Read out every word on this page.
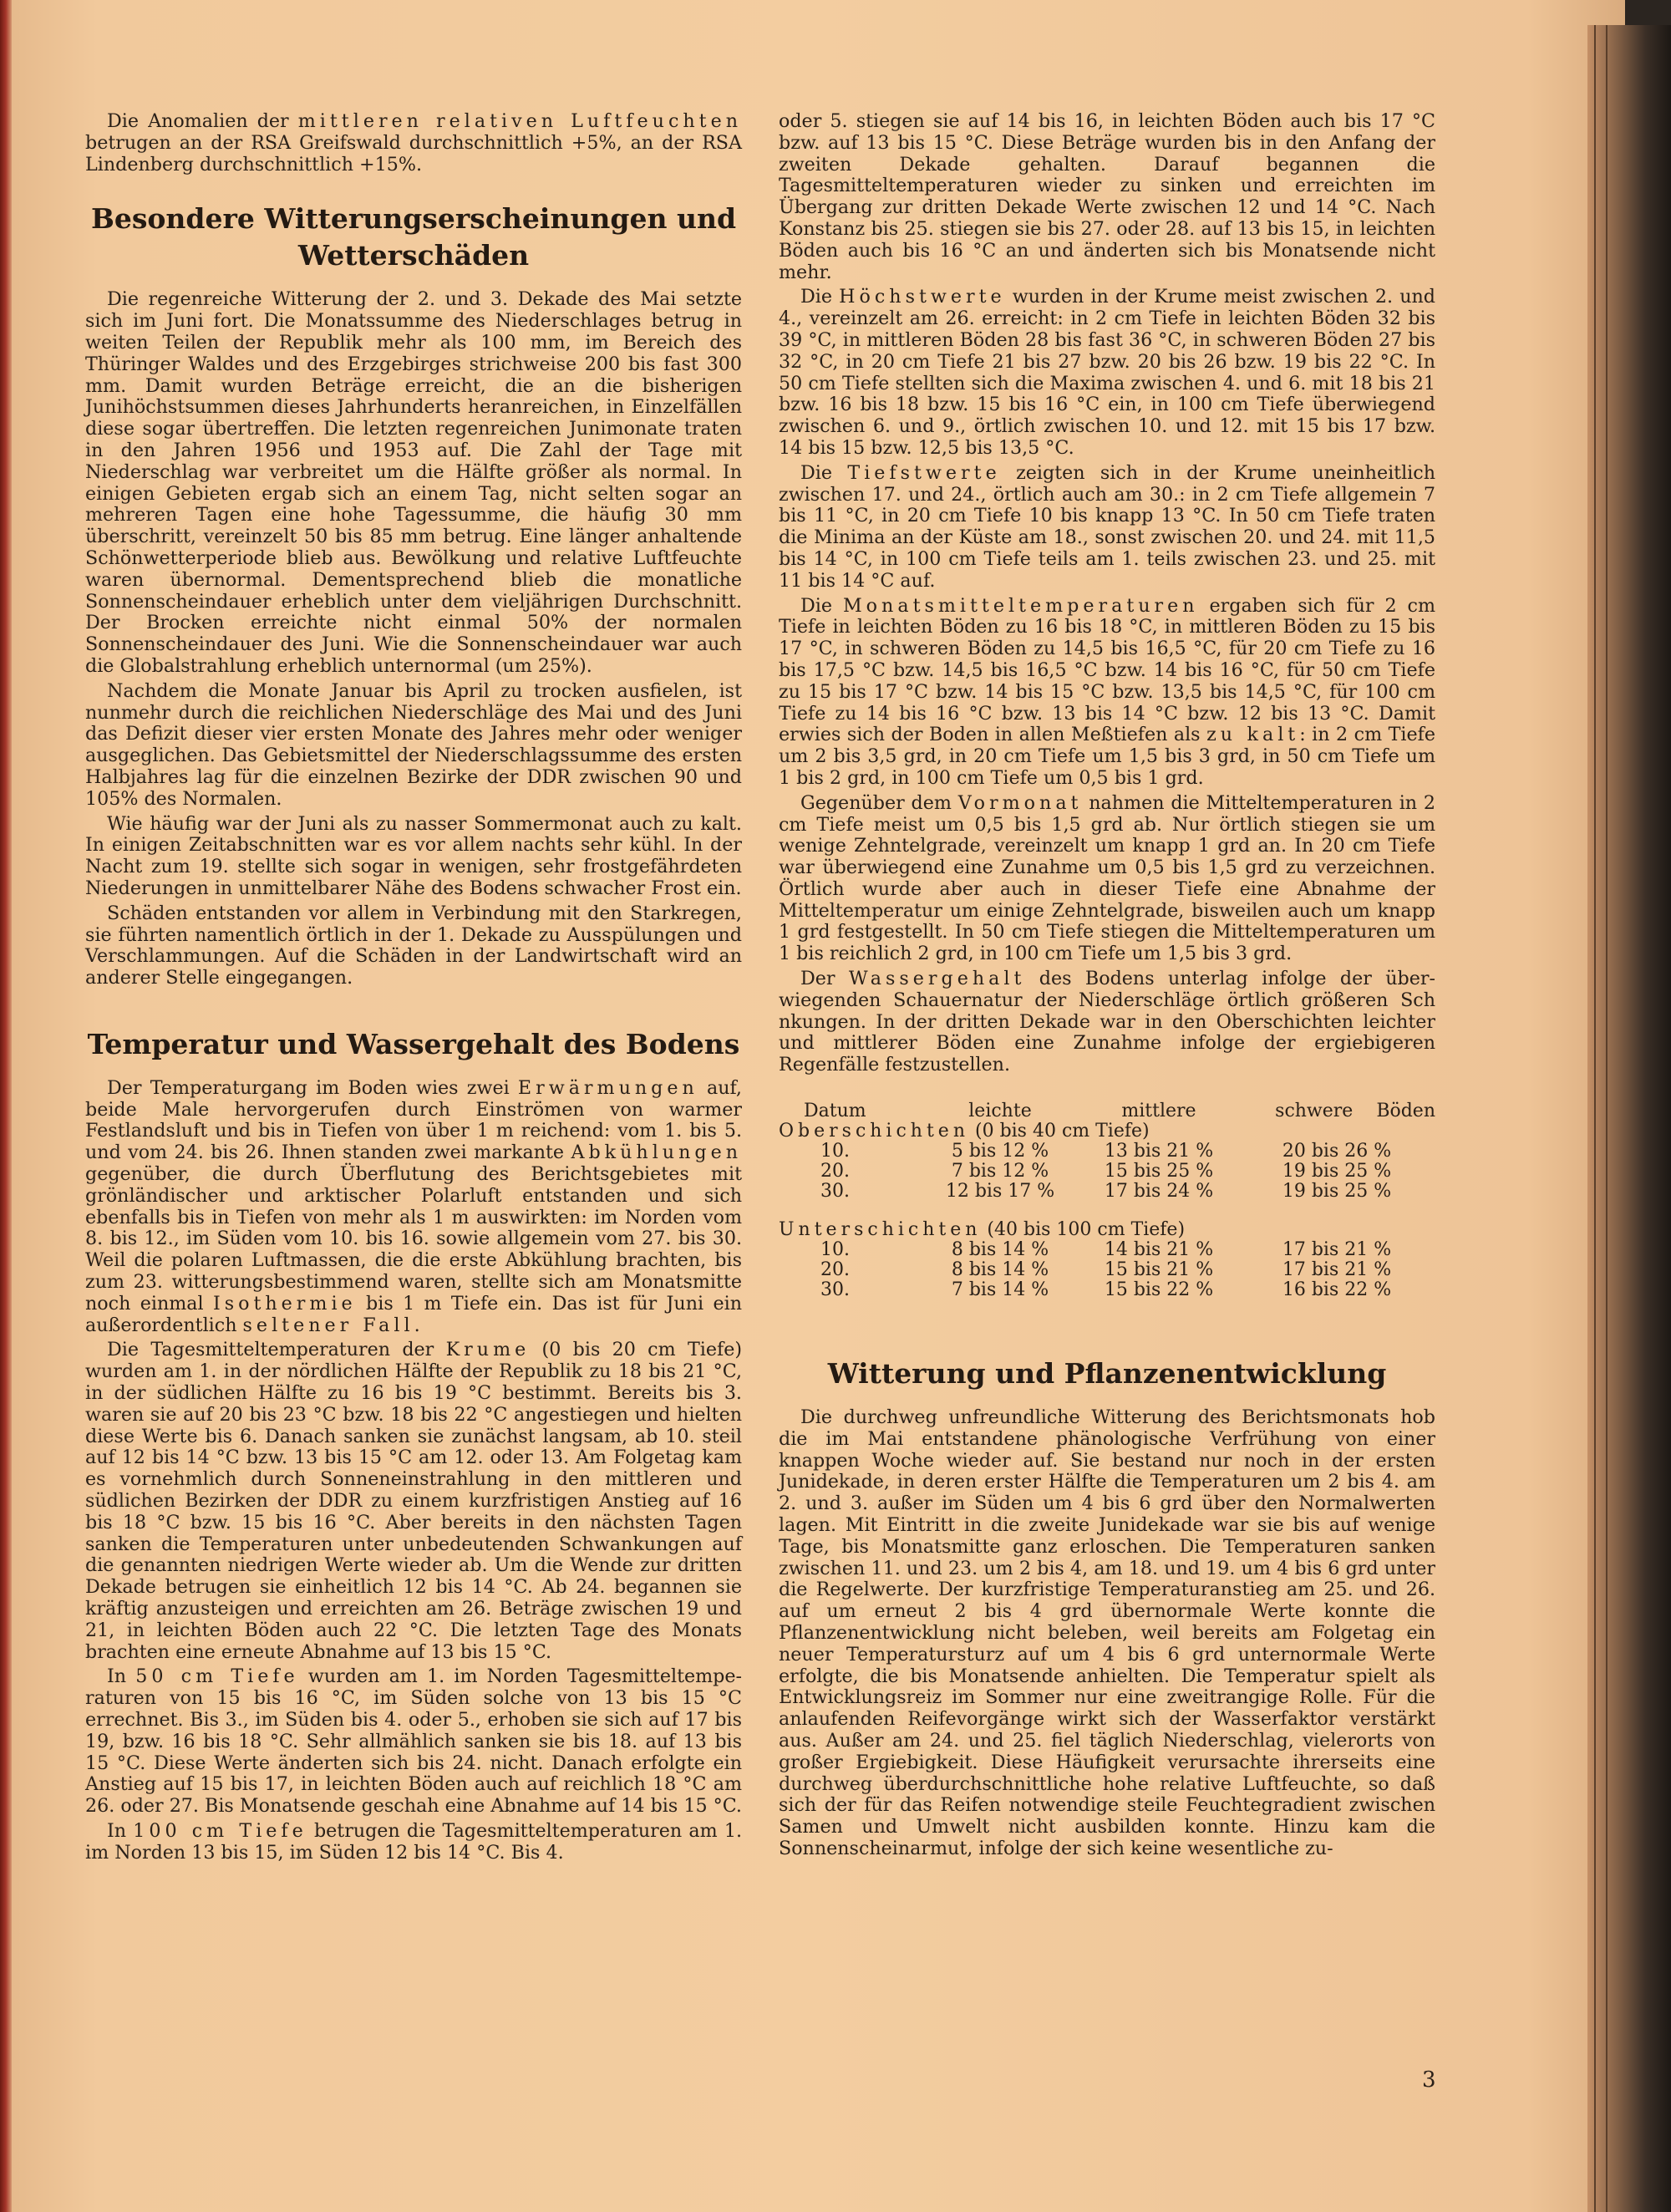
Die Anomalien der mittleren relativen Luftfeuchten betrugen an der RSA Greifswald durchschnittlich +5%, an der RSA Lindenberg durchschnittlich +15%.

Besondere Witterungserscheinungen und Wetterschäden

Die regenreiche Witterung der 2. und 3. Dekade des Mai setzte sich im Juni fort. Die Monatssumme des Niederschlages betrug in weiten Teilen der Republik mehr als 100 mm, im Bereich des Thüringer Waldes und des Erzgebirges strichweise 200 bis fast 300 mm. Damit wurden Beträge erreicht, die an die bisherigen Junihöchstsummen dieses Jahrhunderts heranreichen, in Einzelfällen diese sogar übertreffen. Die letzten regenreichen Junimonate traten in den Jahren 1956 und 1953 auf. Die Zahl der Tage mit Niederschlag war verbreitet um die Hälfte größer als normal. In einigen Gebieten ergab sich an einem Tag, nicht selten sogar an mehreren Tagen eine hohe Tagessumme, die häufig 30 mm überschritt, vereinzelt 50 bis 85 mm betrug. Eine länger anhaltende Schönwetterperiode blieb aus. Bewölkung und relative Luftfeuchte waren übernormal. Dementsprechend blieb die monatliche Sonnenscheindauer erheblich unter dem vieljährigen Durchschnitt. Der Brocken erreichte nicht einmal 50% der normalen Sonnenscheindauer des Juni. Wie die Sonnenscheindauer war auch die Globalstrahlung erheblich unternormal (um 25%).

Nachdem die Monate Januar bis April zu trocken ausfielen, ist nunmehr durch die reichlichen Niederschläge des Mai und des Juni das Defizit dieser vier ersten Monate des Jahres mehr oder weniger ausgeglichen. Das Gebietsmittel der Niederschlagssumme des ersten Halbjahres lag für die einzelnen Bezirke der DDR zwischen 90 und 105% des Normalen.

Wie häufig war der Juni als zu nasser Sommermonat auch zu kalt. In einigen Zeitabschnitten war es vor allem nachts sehr kühl. In der Nacht zum 19. stellte sich sogar in wenigen, sehr frostgefährdeten Niederungen in unmittelbarer Nähe des Bodens schwacher Frost ein.

Schäden entstanden vor allem in Verbindung mit den Starkregen, sie führten namentlich örtlich in der 1. Dekade zu Ausspülungen und Verschlammungen. Auf die Schäden in der Landwirtschaft wird an anderer Stelle eingegangen.

Temperatur und Wassergehalt des Bodens

Der Temperaturgang im Boden wies zwei Erwärmungen auf, beide Male hervorgerufen durch Einströmen von warmer Festlandsluft und bis in Tiefen von über 1 m reichend: vom 1. bis 5. und vom 24. bis 26. Ihnen standen zwei markante Abkühlungen gegenüber, die durch Überflutung des Berichtsgebietes mit grönländischer und arktischer Polarluft entstanden und sich ebenfalls bis in Tiefen von mehr als 1 m auswirkten: im Norden vom 8. bis 12., im Süden vom 10. bis 16. sowie allgemein vom 27. bis 30. Weil die polaren Luftmassen, die die erste Abkühlung brachten, bis zum 23. witterungsbestimmend waren, stellte sich am Monatsmitte noch einmal Isothermie bis 1 m Tiefe ein. Das ist für Juni ein außerordentlich seltener Fall.

Die Tagesmitteltemperaturen der Krume (0 bis 20 cm Tiefe) wurden am 1. in der nördlichen Hälfte der Republik zu 18 bis 21 °C, in der südlichen Hälfte zu 16 bis 19 °C bestimmt. Bereits bis 3. waren sie auf 20 bis 23 °C bzw. 18 bis 22 °C angestiegen und hielten diese Werte bis 6. Danach sanken sie zunächst langsam, ab 10. steil auf 12 bis 14 °C bzw. 13 bis 15 °C am 12. oder 13. Am Folgetag kam es vornehmlich durch Sonneneinstrahlung in den mittleren und südlichen Bezirken der DDR zu einem kurzfristigen Anstieg auf 16 bis 18 °C bzw. 15 bis 16 °C. Aber bereits in den nächsten Tagen sanken die Temperaturen unter unbedeutenden Schwankungen auf die genannten niedrigen Werte wieder ab. Um die Wende zur dritten Dekade betrugen sie einheitlich 12 bis 14 °C. Ab 24. begannen sie kräftig anzusteigen und erreichten am 26. Beträge zwischen 19 und 21, in leichten Böden auch 22 °C. Die letzten Tage des Monats brachten eine erneute Abnahme auf 13 bis 15 °C.

In 50 cm Tiefe wurden am 1. im Norden Tagesmitteltemperaturen von 15 bis 16 °C, im Süden solche von 13 bis 15 °C errechnet. Bis 3., im Süden bis 4. oder 5., erhoben sie sich auf 17 bis 19, bzw. 16 bis 18 °C. Sehr allmählich sanken sie bis 18. auf 13 bis 15 °C. Diese Werte änderten sich bis 24. nicht. Danach erfolgte ein Anstieg auf 15 bis 17, in leichten Böden auch auf reichlich 18 °C am 26. oder 27. Bis Monatsende geschah eine Abnahme auf 14 bis 15 °C.

In 100 cm Tiefe betrugen die Tagesmitteltemperaturen am 1. im Norden 13 bis 15, im Süden 12 bis 14 °C. Bis 4.

oder 5. stiegen sie auf 14 bis 16, in leichten Böden auch bis 17 °C bzw. auf 13 bis 15 °C. Diese Beträge wurden bis in den Anfang der zweiten Dekade gehalten. Darauf begannen die Tagesmitteltemperaturen wieder zu sinken und erreichten im Übergang zur dritten Dekade Werte zwischen 12 und 14 °C. Nach Konstanz bis 25. stiegen sie bis 27. oder 28. auf 13 bis 15, in leichten Böden auch bis 16 °C an und änderten sich bis Monatsende nicht mehr.

Die Höchstwerte wurden in der Krume meist zwischen 2. und 4., vereinzelt am 26. erreicht: in 2 cm Tiefe in leichten Böden 32 bis 39 °C, in mittleren Böden 28 bis fast 36 °C, in schweren Böden 27 bis 32 °C, in 20 cm Tiefe 21 bis 27 bzw. 20 bis 26 bzw. 19 bis 22 °C. In 50 cm Tiefe stellten sich die Maxima zwischen 4. und 6. mit 18 bis 21 bzw. 16 bis 18 bzw. 15 bis 16 °C ein, in 100 cm Tiefe überwiegend zwischen 6. und 9., örtlich zwischen 10. und 12. mit 15 bis 17 bzw. 14 bis 15 bzw. 12,5 bis 13,5 °C.

Die Tiefstwerte zeigten sich in der Krume uneinheitlich zwischen 17. und 24., örtlich auch am 30.: in 2 cm Tiefe allgemein 7 bis 11 °C, in 20 cm Tiefe 10 bis knapp 13 °C. In 50 cm Tiefe traten die Minima an der Küste am 18., sonst zwischen 20. und 24. mit 11,5 bis 14 °C, in 100 cm Tiefe teils am 1. teils zwischen 23. und 25. mit 11 bis 14 °C auf.

Die Monatsmitteltemperaturen ergaben sich für 2 cm Tiefe in leichten Böden zu 16 bis 18 °C, in mittleren Böden zu 15 bis 17 °C, in schweren Böden zu 14,5 bis 16,5 °C, für 20 cm Tiefe zu 16 bis 17,5 °C bzw. 14,5 bis 16,5 °C bzw. 14 bis 16 °C, für 50 cm Tiefe zu 15 bis 17 °C bzw. 14 bis 15 °C bzw. 13,5 bis 14,5 °C, für 100 cm Tiefe zu 14 bis 16 °C bzw. 13 bis 14 °C bzw. 12 bis 13 °C. Damit erwies sich der Boden in allen Meßtiefen als zu kalt: in 2 cm Tiefe um 2 bis 3,5 grd, in 20 cm Tiefe um 1,5 bis 3 grd, in 50 cm Tiefe um 1 bis 2 grd, in 100 cm Tiefe um 0,5 bis 1 grd.

Gegenüber dem Vormonat nahmen die Mitteltemperaturen in 2 cm Tiefe meist um 0,5 bis 1,5 grd ab. Nur örtlich stiegen sie um wenige Zehntelgrade, vereinzelt um knapp 1 grd an. In 20 cm Tiefe war überwiegend eine Zunahme um 0,5 bis 1,5 grd zu verzeichnen. Örtlich wurde aber auch in dieser Tiefe eine Abnahme der Mitteltemperatur um einige Zehntelgrade, bisweilen auch um knapp 1 grd festgestellt. In 50 cm Tiefe stiegen die Mitteltemperaturen um 1 bis reichlich 2 grd, in 100 cm Tiefe um 1,5 bis 3 grd.

Der Wassergehalt des Bodens unterlag infolge der überwiegenden Schauernatur der Niederschläge örtlich größeren Sch nkungen. In der dritten Dekade war in den Oberschichten leichter und mittlerer Böden eine Zunahme infolge der ergiebigeren Regenfälle festzustellen.

Datum	leichte	mittlere	schwere Böden
Oberschichten (0 bis 40 cm Tiefe)			
10.	5 bis 12 %	13 bis 21 %	20 bis 26 %
20.	7 bis 12 %	15 bis 25 %	19 bis 25 %
30.	12 bis 17 %	17 bis 24 %	19 bis 25 %
Unterschichten (40 bis 100 cm Tiefe)			
10.	8 bis 14 %	14 bis 21 %	17 bis 21 %
20.	8 bis 14 %	15 bis 21 %	17 bis 21 %
30.	7 bis 14 %	15 bis 22 %	16 bis 22 %
Witterung und Pflanzenentwicklung

Die durchweg unfreundliche Witterung des Berichtsmonats hob die im Mai entstandene phänologische Verfrühung von einer knappen Woche wieder auf. Sie bestand nur noch in der ersten Junidekade, in deren erster Hälfte die Temperaturen um 2 bis 4. am 2. und 3. außer im Süden um 4 bis 6 grd über den Normalwerten lagen. Mit Eintritt in die zweite Junidekade war sie bis auf wenige Tage, bis Monatsmitte ganz erloschen. Die Temperaturen sanken zwischen 11. und 23. um 2 bis 4, am 18. und 19. um 4 bis 6 grd unter die Regelwerte. Der kurzfristige Temperaturanstieg am 25. und 26. auf um erneut 2 bis 4 grd übernormale Werte konnte die Pflanzenentwicklung nicht beleben, weil bereits am Folgetag ein neuer Temperatursturz auf um 4 bis 6 grd unternormale Werte erfolgte, die bis Monatsende anhielten. Die Temperatur spielt als Entwicklungsreiz im Sommer nur eine zweitrangige Rolle. Für die anlaufenden Reifevorgänge wirkt sich der Wasserfaktor verstärkt aus. Außer am 24. und 25. fiel täglich Niederschlag, vielerorts von großer Ergiebigkeit. Diese Häufigkeit verursachte ihrerseits eine durchweg überdurchschnittliche hohe relative Luftfeuchte, so daß sich der für das Reifen notwendige steile Feuchtegradient zwischen Samen und Umwelt nicht ausbilden konnte. Hinzu kam die Sonnenscheinarmut, infolge der sich keine wesentliche zu-

3
